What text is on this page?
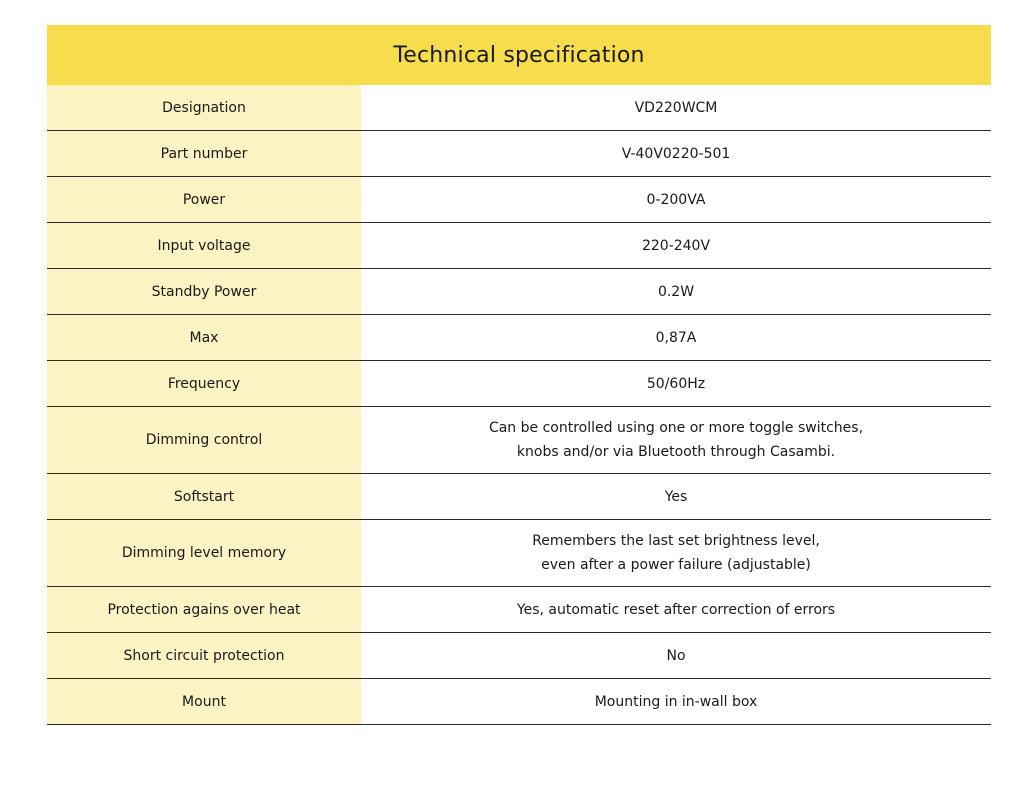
Technical specification	
Designation	VD220WCM

Part number	V-40V0220-501

Power	0-200VA

Input voltage	220-240V

Standby Power	0.2W

Max	0,87A

Frequency	50/60Hz

Dimming control	Can be controlled using one or more toggle switches,
knobs and/or via Bluetooth through Casambi.

Softstart	Yes

Dimming level memory	Remembers the last set brightness level,
even after a power failure (adjustable)

Protection agains over heat	Yes, automatic reset after correction of errors

Short circuit protection	No

Mount	Mounting in in-wall box
